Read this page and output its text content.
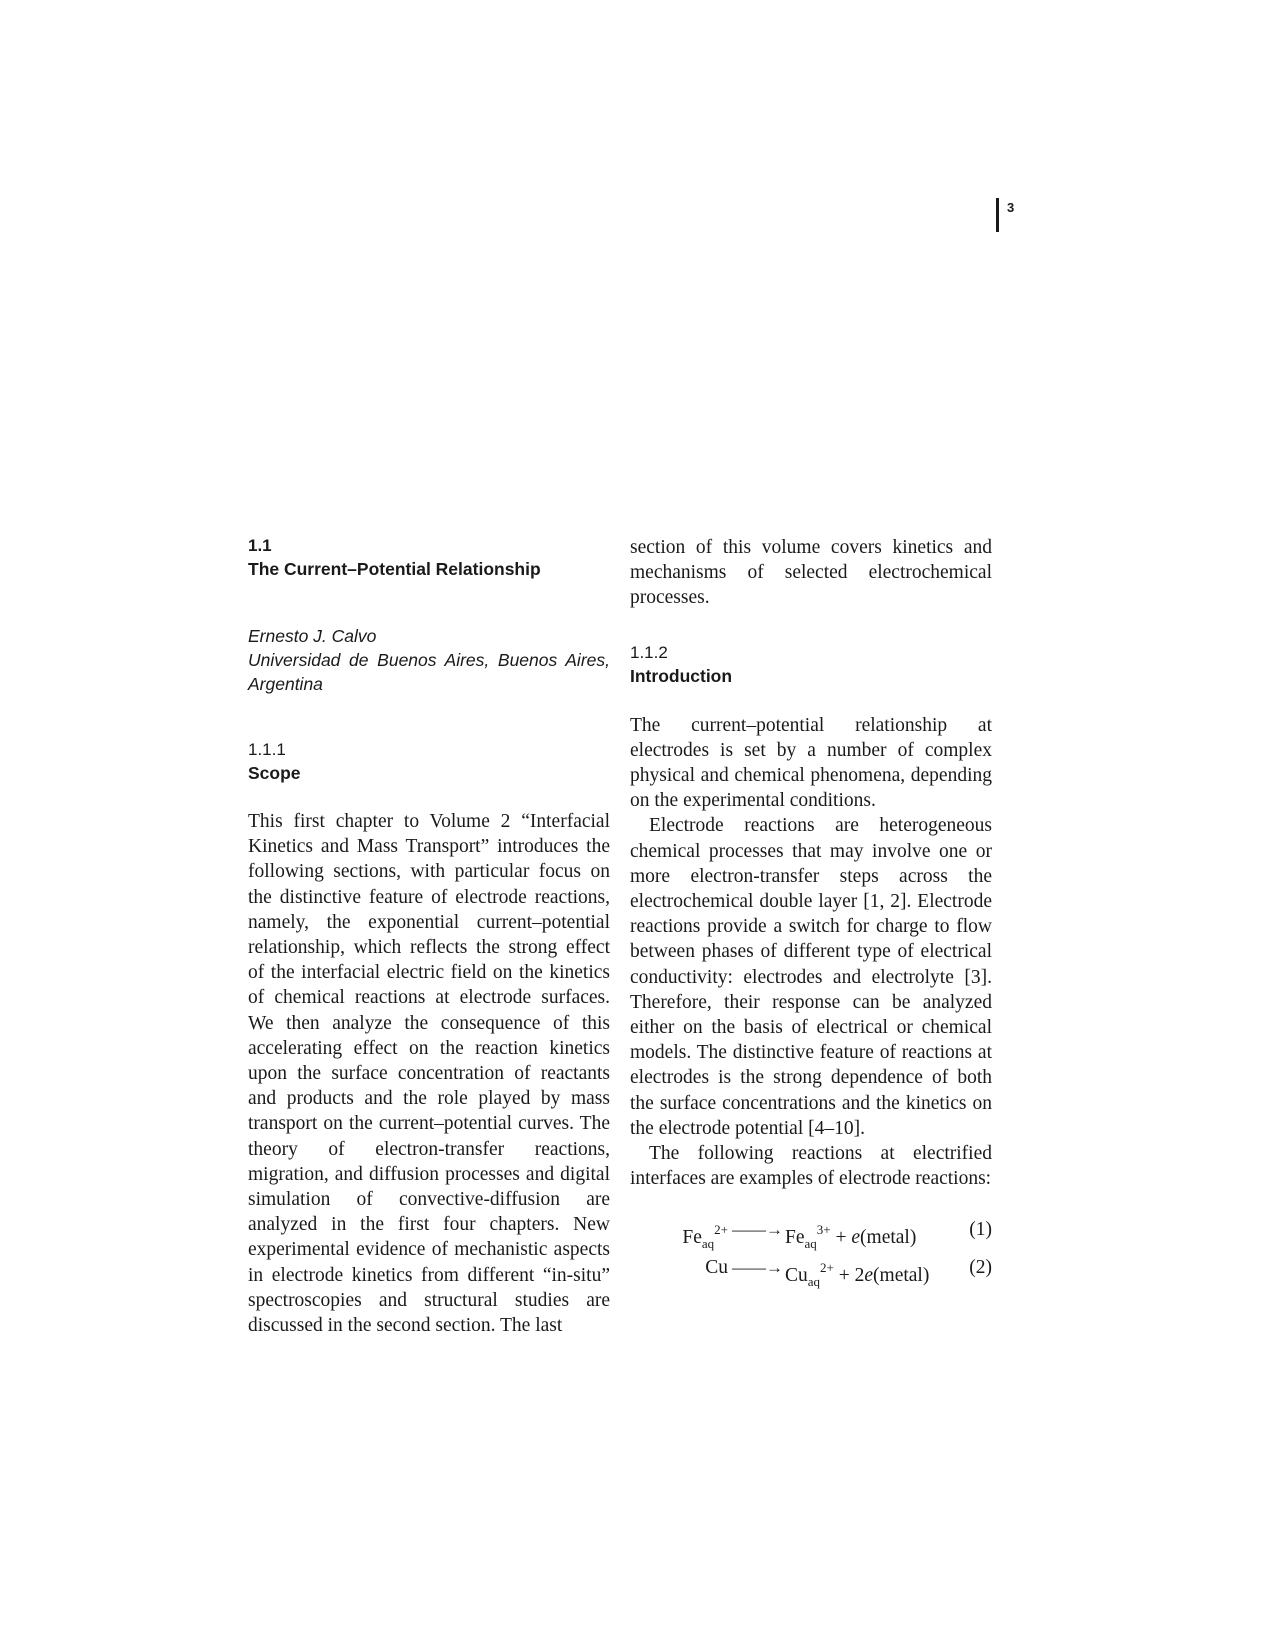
3
1.1
The Current–Potential Relationship
Ernesto J. Calvo
Universidad de Buenos Aires, Buenos Aires, Argentina
1.1.1
Scope

This first chapter to Volume 2 “Interfacial Kinetics and Mass Transport” introduces the following sections, with particular focus on the distinctive feature of electrode reactions, namely, the exponential current–potential relationship, which reflects the strong effect of the interfacial electric field on the kinetics of chemical reactions at electrode surfaces. We then analyze the consequence of this accelerating effect on the reaction kinetics upon the surface concentration of reactants and products and the role played by mass transport on the current–potential curves. The theory of electron-transfer reactions, migration, and diffusion processes and digital simulation of convective-diffusion are analyzed in the first four chapters. New experimental evidence of mechanistic aspects in electrode kinetics from different “in-situ” spectroscopies and structural studies are discussed in the second section. The last

section of this volume covers kinetics and mechanisms of selected electrochemical processes.

1.1.2
Introduction

The current–potential relationship at electrodes is set by a number of complex physical and chemical phenomena, depending on the experimental conditions.

Electrode reactions are heterogeneous chemical processes that may involve one or more electron-transfer steps across the electrochemical double layer [1, 2]. Electrode reactions provide a switch for charge to flow between phases of different type of electrical conductivity: electrodes and electrolyte [3]. Therefore, their response can be analyzed either on the basis of electrical or chemical models. The distinctive feature of reactions at electrodes is the strong dependence of both the surface concentrations and the kinetics on the electrode potential [4–10].

The following reactions at electrified interfaces are examples of electrode reactions:

$Fe_{aq}^{2+}$ ——→ $Fe_{aq}^{3+}$ + e(metal)	(1)
Cu ——→ $Cu_{aq}^{2+}$ + 2e(metal) (2)
